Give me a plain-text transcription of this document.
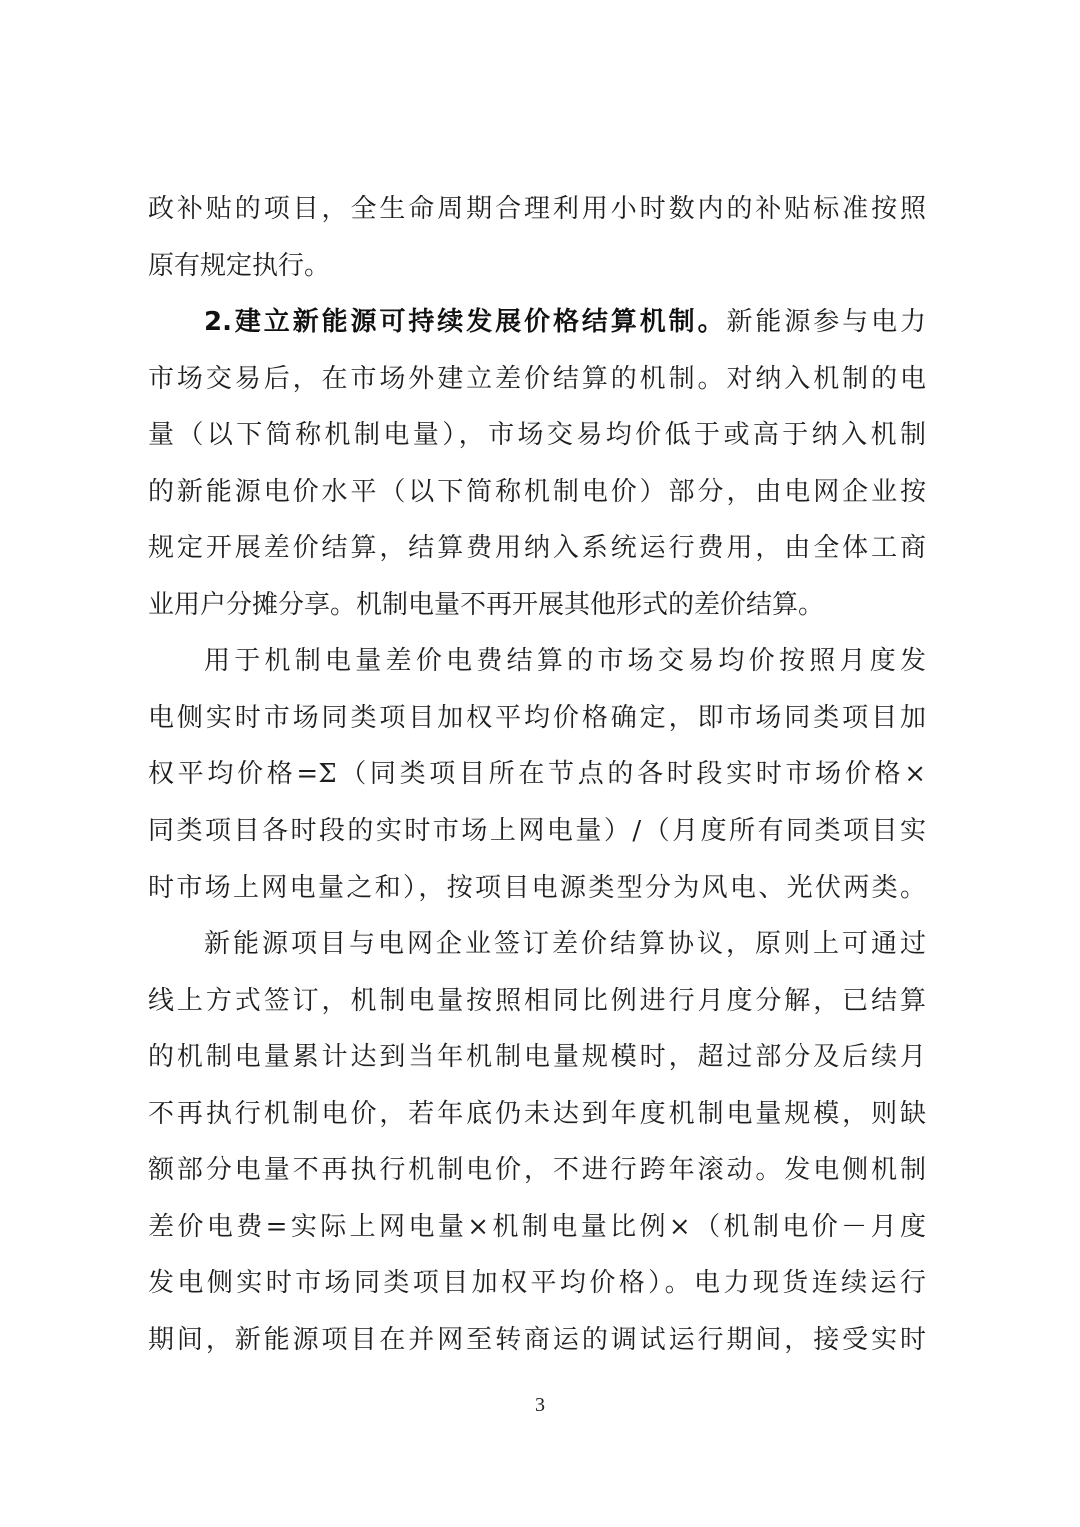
政补贴的项目，全生命周期合理利用小时数内的补贴标准按照
原有规定执行。
2.建立新能源可持续发展价格结算机制。新能源参与电力
市场交易后，在市场外建立差价结算的机制。对纳入机制的电
量（以下简称机制电量），市场交易均价低于或高于纳入机制
的新能源电价水平（以下简称机制电价）部分，由电网企业按
规定开展差价结算，结算费用纳入系统运行费用，由全体工商
业用户分摊分享。机制电量不再开展其他形式的差价结算。
用于机制电量差价电费结算的市场交易均价按照月度发
电侧实时市场同类项目加权平均价格确定，即市场同类项目加
权平均价格=Σ（同类项目所在节点的各时段实时市场价格×
同类项目各时段的实时市场上网电量）/（月度所有同类项目实
时市场上网电量之和），按项目电源类型分为风电、光伏两类。
新能源项目与电网企业签订差价结算协议，原则上可通过
线上方式签订，机制电量按照相同比例进行月度分解，已结算
的机制电量累计达到当年机制电量规模时，超过部分及后续月
不再执行机制电价，若年底仍未达到年度机制电量规模，则缺
额部分电量不再执行机制电价，不进行跨年滚动。发电侧机制
差价电费=实际上网电量×机制电量比例×（机制电价－月度
发电侧实时市场同类项目加权平均价格）。电力现货连续运行
期间，新能源项目在并网至转商运的调试运行期间，接受实时
3
